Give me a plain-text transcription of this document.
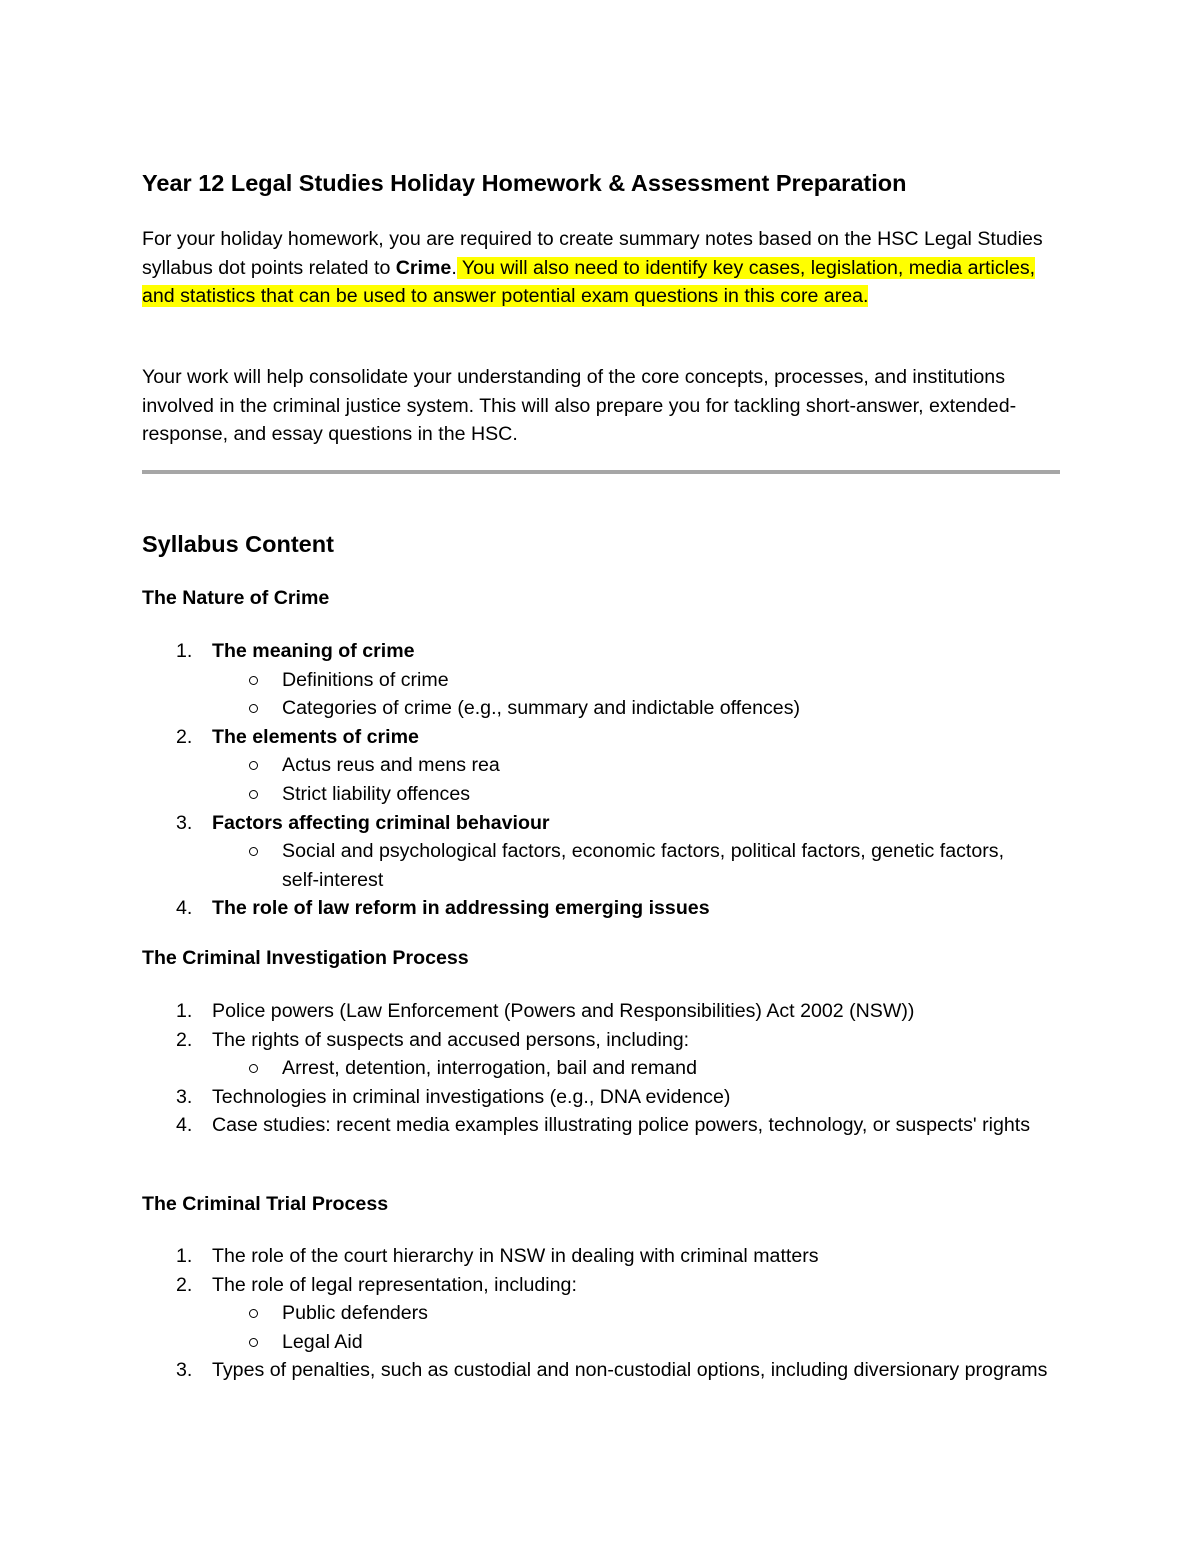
Year 12 Legal Studies Holiday Homework & Assessment Preparation

For your holiday homework, you are required to create summary notes based on the HSC Legal Studies syllabus dot points related to Crime. You will also need to identify key cases, legislation, media articles, and statistics that can be used to answer potential exam questions in this core area.

Your work will help consolidate your understanding of the core concepts, processes, and institutions involved in the criminal justice system. This will also prepare you for tackling short-answer, extended-response, and essay questions in the HSC.

Syllabus Content
The Nature of Crime
1. The meaning of crime
Definitions of crime
Categories of crime (e.g., summary and indictable offences)
2. The elements of crime
Actus reus and mens rea
Strict liability offences
3. Factors affecting criminal behaviour
Social and psychological factors, economic factors, political factors, genetic factors, self-interest
4. The role of law reform in addressing emerging issues
The Criminal Investigation Process
1. Police powers (Law Enforcement (Powers and Responsibilities) Act 2002 (NSW))
2. The rights of suspects and accused persons, including:
Arrest, detention, interrogation, bail and remand
3. Technologies in criminal investigations (e.g., DNA evidence)
4. Case studies: recent media examples illustrating police powers, technology, or suspects' rights
The Criminal Trial Process
1. The role of the court hierarchy in NSW in dealing with criminal matters
2. The role of legal representation, including:
Public defenders
Legal Aid
3. Types of penalties, such as custodial and non-custodial options, including diversionary programs
